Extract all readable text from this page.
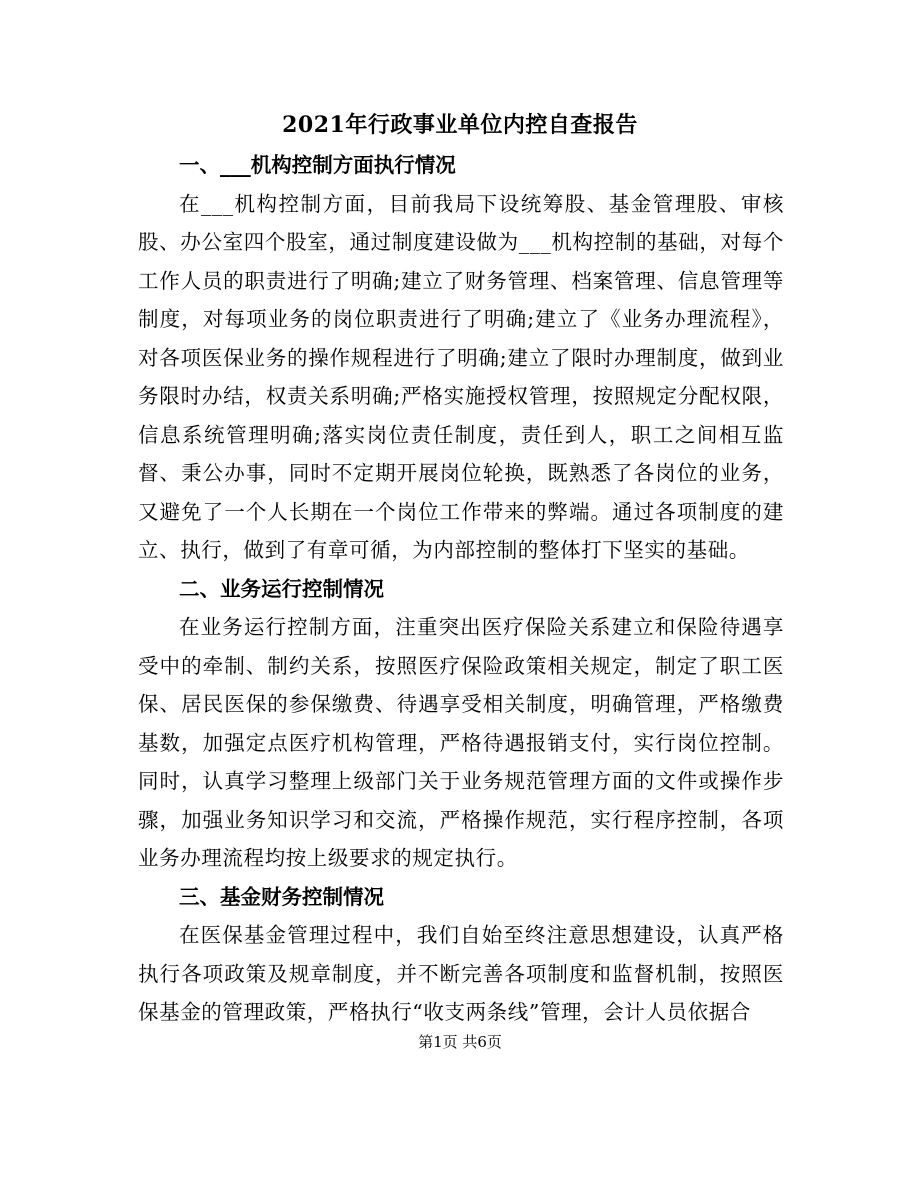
2021年行政事业单位内控自查报告
一、___机构控制方面执行情况
在___机构控制方面，目前我局下设统筹股、基金管理股、审核股、办公室四个股室，通过制度建设做为___机构控制的基础，对每个工作人员的职责进行了明确;建立了财务管理、档案管理、信息管理等制度，对每项业务的岗位职责进行了明确;建立了《业务办理流程》，对各项医保业务的操作规程进行了明确;建立了限时办理制度，做到业务限时办结，权责关系明确;严格实施授权管理，按照规定分配权限，信息系统管理明确;落实岗位责任制度，责任到人，职工之间相互监督、秉公办事，同时不定期开展岗位轮换，既熟悉了各岗位的业务，又避免了一个人长期在一个岗位工作带来的弊端。通过各项制度的建立、执行，做到了有章可循，为内部控制的整体打下坚实的基础。
二、业务运行控制情况
在业务运行控制方面，注重突出医疗保险关系建立和保险待遇享受中的牵制、制约关系，按照医疗保险政策相关规定，制定了职工医保、居民医保的参保缴费、待遇享受相关制度，明确管理，严格缴费基数，加强定点医疗机构管理，严格待遇报销支付，实行岗位控制。同时，认真学习整理上级部门关于业务规范管理方面的文件或操作步骤，加强业务知识学习和交流，严格操作规范，实行程序控制，各项业务办理流程均按上级要求的规定执行。
三、基金财务控制情况
在医保基金管理过程中，我们自始至终注意思想建设，认真严格执行各项政策及规章制度，并不断完善各项制度和监督机制，按照医保基金的管理政策，严格执行“收支两条线”管理，会计人员依据合
第1页 共6页
